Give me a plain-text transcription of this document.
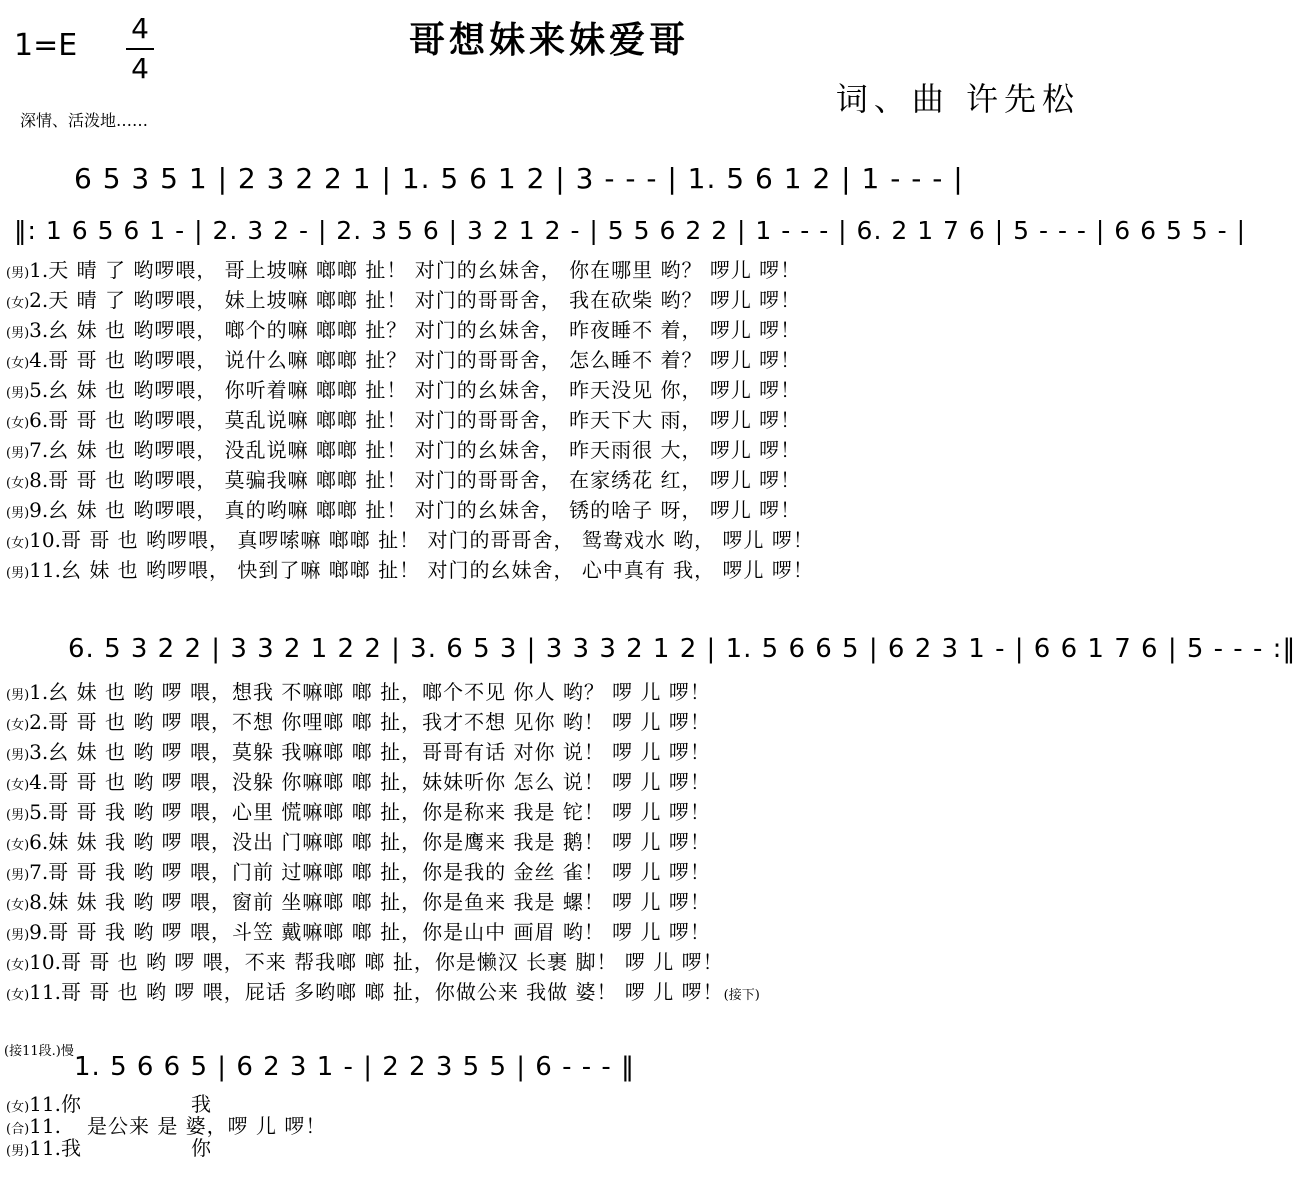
1=E 4
4
哥想妹来妹爱哥
词、曲 许先松
深情、活泼地……
6 5 3 5 1 | 2 3 2 2 1 | 1. 5 6 1 2 | 3 - - - | 1. 5 6 1 2 | 1 - - - |
‖: 1 6 5 6 1 - | 2. 3 2 - | 2. 3 5 6 | 3 2 1 2 - | 5 5 6 2 2 | 1 - - - | 6. 2 1 7 6 | 5 - - - | 6 6 5 5 - |
(男)1.天 晴 了 哟啰喂， 哥上坡嘛 啷啷 扯！ 对门的幺妹舍， 你在哪里 哟？ 啰儿 啰！
(女)2.天 晴 了 哟啰喂， 妹上坡嘛 啷啷 扯！ 对门的哥哥舍， 我在砍柴 哟？ 啰儿 啰！
(男)3.幺 妹 也 哟啰喂， 啷个的嘛 啷啷 扯？ 对门的幺妹舍， 昨夜睡不 着， 啰儿 啰！
(女)4.哥 哥 也 哟啰喂， 说什么嘛 啷啷 扯？ 对门的哥哥舍， 怎么睡不 着？ 啰儿 啰！
(男)5.幺 妹 也 哟啰喂， 你听着嘛 啷啷 扯！ 对门的幺妹舍， 昨天没见 你， 啰儿 啰！
(女)6.哥 哥 也 哟啰喂， 莫乱说嘛 啷啷 扯！ 对门的哥哥舍， 昨天下大 雨， 啰儿 啰！
(男)7.幺 妹 也 哟啰喂， 没乱说嘛 啷啷 扯！ 对门的幺妹舍， 昨天雨很 大， 啰儿 啰！
(女)8.哥 哥 也 哟啰喂， 莫骗我嘛 啷啷 扯！ 对门的哥哥舍， 在家绣花 红， 啰儿 啰！
(男)9.幺 妹 也 哟啰喂， 真的哟嘛 啷啷 扯！ 对门的幺妹舍， 锈的啥子 呀， 啰儿 啰！
(女)10.哥 哥 也 哟啰喂， 真啰嗦嘛 啷啷 扯！ 对门的哥哥舍， 鸳鸯戏水 哟， 啰儿 啰！
(男)11.幺 妹 也 哟啰喂， 快到了嘛 啷啷 扯！ 对门的幺妹舍， 心中真有 我， 啰儿 啰！
6. 5 3 2 2 | 3 3 2 1 2 2 | 3. 6 5 3 | 3 3 3 2 1 2 | 1. 5 6 6 5 | 6 2 3 1 - | 6 6 1 7 6 | 5 - - - :‖
(男)1.幺 妹 也 哟 啰 喂，想我 不嘛啷 啷 扯，啷个不见 你人 哟？ 啰 儿 啰！
(女)2.哥 哥 也 哟 啰 喂，不想 你哩啷 啷 扯，我才不想 见你 哟！ 啰 儿 啰！
(男)3.幺 妹 也 哟 啰 喂，莫躲 我嘛啷 啷 扯，哥哥有话 对你 说！ 啰 儿 啰！
(女)4.哥 哥 也 哟 啰 喂，没躲 你嘛啷 啷 扯，妹妹听你 怎么 说！ 啰 儿 啰！
(男)5.哥 哥 我 哟 啰 喂，心里 慌嘛啷 啷 扯，你是称来 我是 铊！ 啰 儿 啰！
(女)6.妹 妹 我 哟 啰 喂，没出 门嘛啷 啷 扯，你是鹰来 我是 鹅！ 啰 儿 啰！
(男)7.哥 哥 我 哟 啰 喂，门前 过嘛啷 啷 扯，你是我的 金丝 雀！ 啰 儿 啰！
(女)8.妹 妹 我 哟 啰 喂，窗前 坐嘛啷 啷 扯，你是鱼来 我是 螺！ 啰 儿 啰！
(男)9.哥 哥 我 哟 啰 喂，斗笠 戴嘛啷 啷 扯，你是山中 画眉 哟！ 啰 儿 啰！
(女)10.哥 哥 也 哟 啰 喂，不来 帮我啷 啷 扯，你是懒汉 长裹 脚！ 啰 儿 啰！
(女)11.哥 哥 也 哟 啰 喂，屁话 多哟啷 啷 扯，你做公来 我做 婆！ 啰 儿 啰！(接下)
(接11段.)慢
1. 5 6 6 5 | 6 2 3 1 - | 2 2 3 5 5 | 6 - - - ‖
(女)11.你	我
(合)11. 是公来 是 婆，啰 儿 啰！
(男)11.我	你
